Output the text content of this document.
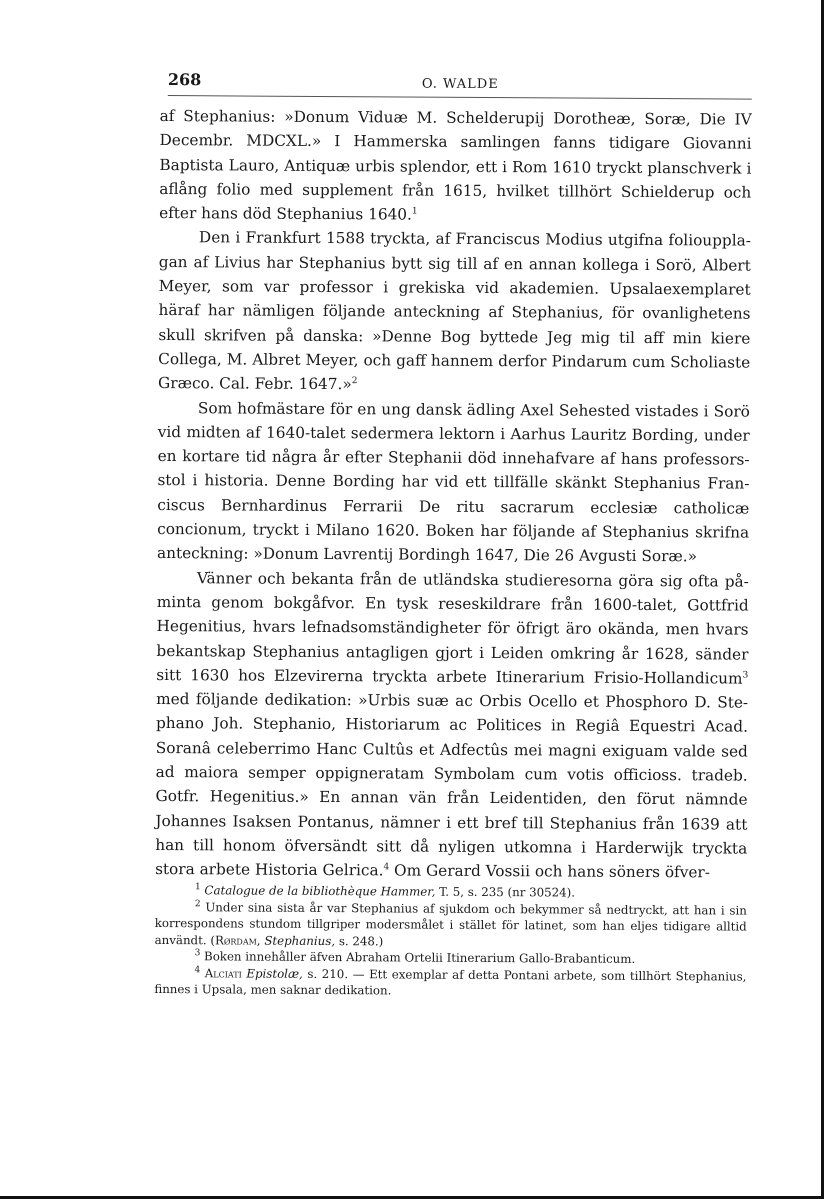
268	O. WALDE

af Stephanius: »Donum Viduæ M. Schelderupij Dorotheæ, Soræ, Die IV Decembr. MDCXL.» I Hammerska samlingen fanns tidigare Giovanni Baptista Lauro, Antiquæ urbis splendor, ett i Rom 1610 tryckt planschverk i aflång folio med supplement från 1615, hvilket tillhört Schielderup och efter hans död Stephanius 1640.$^1$

Den i Frankfurt 1588 tryckta, af Franciscus Modius utgifna folioupplagan af Livius har Stephanius bytt sig till af en annan kollega i Sorö, Albert Meyer, som var professor i grekiska vid akademien. Upsalaexemplaret häraf har nämligen följande anteckning af Stephanius, för ovanlighetens skull skrifven på danska: »Denne Bog byttede Jeg mig til aff min kiere Collega, M. Albret Meyer, och gaff hannem derfor Pindarum cum Scholiaste Græco. Cal. Febr. 1647.»$^2$

Som hofmästare för en ung dansk ädling Axel Sehested vistades i Sorö vid midten af 1640-talet sedermera lektorn i Aarhus Lauritz Bording, under en kortare tid några år efter Stephanii död innehafvare af hans professorsstol i historia. Denne Bording har vid ett tillfälle skänkt Stephanius Franciscus Bernhardinus Ferrarii De ritu sacrarum ecclesiæ catholicæ concionum, tryckt i Milano 1620. Boken har följande af Stephanius skrifna anteckning: »Donum Lavrentij Bordingh 1647, Die 26 Avgusti Soræ.»

Vänner och bekanta från de utländska studieresorna göra sig ofta påminta genom bokgåfvor. En tysk reseskildrare från 1600-talet, Gottfrid Hegenitius, hvars lefnadsomständigheter för öfrigt äro okända, men hvars bekantskap Stephanius antagligen gjort i Leiden omkring år 1628, sänder sitt 1630 hos Elzevirerna tryckta arbete Itinerarium Frisio-Hollandicum$^3$ med följande dedikation: »Urbis suæ ac Orbis Ocello et Phosphoro D. Stephano Joh. Stephanio, Historiarum ac Politices in Regiâ Equestri Acad. Soranâ celeberrimo Hanc Cultûs et Adfectûs mei magni exiguam valde sed ad maiora semper oppigneratam Symbolam cum votis officioss. tradeb. Gotfr. Hegenitius.» En annan vän från Leidentiden, den förut nämnde Johannes Isaksen Pontanus, nämner i ett bref till Stephanius från 1639 att han till honom öfversändt sitt då nyligen utkomna i Harderwijk tryckta stora arbete Historia Gelrica.$^4$ Om Gerard Vossii och hans söners öfver-

$^1$ Catalogue de la bibliothèque Hammer, T. 5, s. 235 (nr 30524).

$^2$ Under sina sista år var Stephanius af sjukdom och bekymmer så nedtryckt, att han i sin korrespondens stundom tillgriper modersmålet i stället för latinet, som han eljes tidigare alltid användt. (Rørdam, Stephanius, s. 248.)

$^3$ Boken innehåller äfven Abraham Ortelii Itinerarium Gallo-Brabanticum.

$^4$ Alciati Epistolæ, s. 210. — Ett exemplar af detta Pontani arbete, som tillhört Stephanius, finnes i Upsala, men saknar dedikation.
